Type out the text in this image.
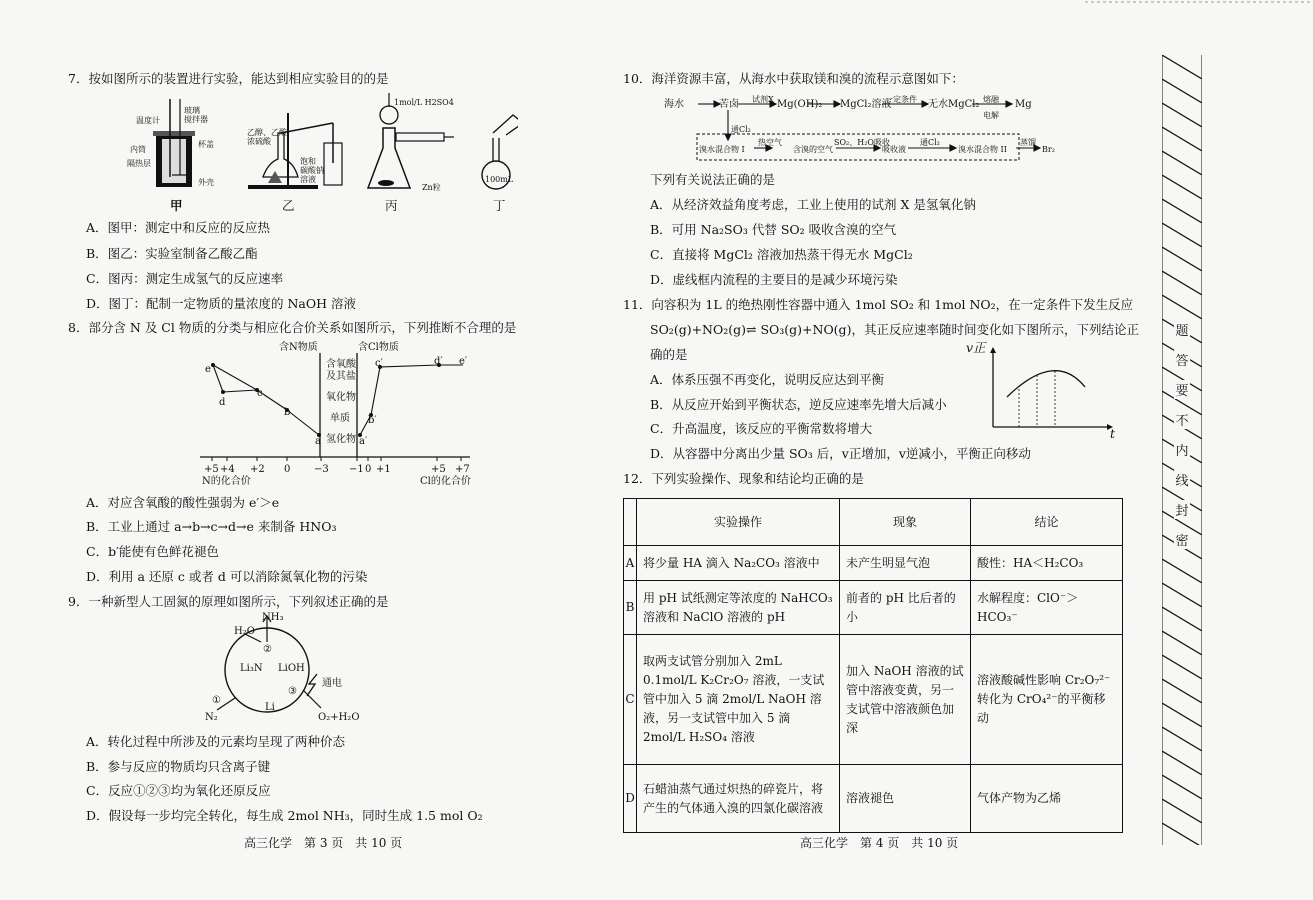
7．按如图所示的装置进行实验，能达到相应实验目的的是
温度计
玻璃
搅拌器
内筒
隔热层
杯盖
外壳
乙醇、乙酸
浓硫酸
饱和
碳酸钠
溶液
1mol/L H2SO4
Zn粒
100mL
甲	乙	丙	丁
A．图甲：测定中和反应的反应热
B．图乙：实验室制备乙酸乙酯
C．图丙：测定生成氢气的反应速率
D．图丁：配制一定物质的量浓度的 NaOH 溶液
8．部分含 N 及 Cl 物质的分类与相应化合价关系如图所示，下列推断不合理的是
含N物质	含Cl物质
含氧酸
及其盐
氧化物
单质
氢化物
e
c
d
b
a
d′ e′
c′
b′
a′
+5 +4 +2 0 −3 −1 0 +1	+5 +7
N的化合价	Cl的化合价
A．对应含氧酸的酸性强弱为 e′＞e
B．工业上通过 a→b→c→d→e 来制备 HNO₃
C．b′能使有色鲜花褪色
D．利用 a 还原 c 或者 d 可以消除氮氧化物的污染
9．一种新型人工固氮的原理如图所示，下列叙述正确的是
NH₃
H₂O
②
Li₃N LiOH
③
通电
①
Li
N₂	O₂+H₂O
A．转化过程中所涉及的元素均呈现了两种价态
B．参与反应的物质均只含离子键
C．反应①②③均为氧化还原反应
D．假设每一步均完全转化，每生成 2mol NH₃，同时生成 1.5 mol O₂
高三化学　第 3 页　共 10 页
10．海洋资源丰富，从海水中获取镁和溴的流程示意图如下：
海水	苦卤	Mg(OH)₂ MgCl₂溶液	无水MgCl₂	Mg
试剂X	一定条件	熔融
电解
通Cl₂
溴水混合物 I	含溴的空气	吸收液	溴水混合物 II	Br₂
热空气	SO₂、H₂O吸收	通Cl₂	蒸馏
下列有关说法正确的是
A．从经济效益角度考虑，工业上使用的试剂 X 是氢氧化钠
B．可用 Na₂SO₃ 代替 SO₂ 吸收含溴的空气
C．直接将 MgCl₂ 溶液加热蒸干得无水 MgCl₂
D．虚线框内流程的主要目的是减少环境污染
11．向容积为 1L 的绝热刚性容器中通入 1mol SO₂ 和 1mol NO₂，在一定条件下发生反应
SO₂(g)+NO₂(g)⇌ SO₃(g)+NO(g)，其正反应速率随时间变化如下图所示，下列结论正
确的是	v正
t
A．体系压强不再变化，说明反应达到平衡
B．从反应开始到平衡状态，逆反应速率先增大后减小
C．升高温度，该反应的平衡常数将增大
D．从容器中分离出少量 SO₃ 后，v正增加，v逆减小，平衡正向移动
12．下列实验操作、现象和结论均正确的是
	实验操作	现象	结论
A	将少量 HA 滴入 Na₂CO₃ 溶液中	未产生明显气泡	酸性：HA＜H₂CO₃
B	用 pH 试纸测定等浓度的 NaHCO₃ 溶液和 NaClO 溶液的 pH	前者的 pH 比后者的小	水解程度：ClO⁻＞HCO₃⁻
C	取两支试管分别加入 2mL 0.1mol/L K₂Cr₂O₇ 溶液，一支试管中加入 5 滴 2mol/L NaOH 溶液，另一支试管中加入 5 滴 2mol/L H₂SO₄ 溶液	加入 NaOH 溶液的试管中溶液变黄，另一支试管中溶液颜色加深	溶液酸碱性影响 Cr₂O₇²⁻转化为 CrO₄²⁻的平衡移动
D	石蜡油蒸气通过炽热的碎瓷片，将产生的气体通入溴的四氯化碳溶液	溶液褪色	气体产物为乙烯
高三化学　第 4 页　共 10 页
题
答
要
不
内
线
封
密
